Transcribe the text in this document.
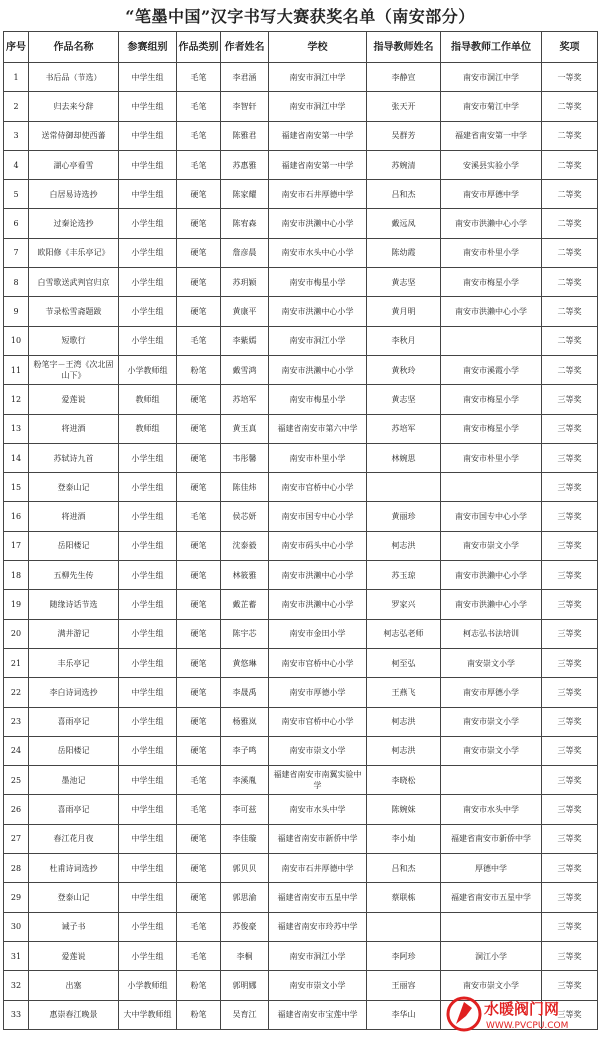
“笔墨中国”汉字书写大赛获奖名单（南安部分）
序号	作品名称	参赛组别	作品类别	作者姓名	学校	指导教师姓名	指导教师工作单位	奖项
1	书后品（节选）	中学生组	毛笔	李君涵	南安市洞江中学	李静宣	南安市洞江中学	一等奖
2	归去来兮辞	中学生组	毛笔	李智轩	南安市洞江中学	张天开	南安市菊江中学	二等奖
3	送常侍御却使西蕃	中学生组	毛笔	陈雅君	福建省南安第一中学	吴群芳	福建省南安第一中学	二等奖
4	湖心亭看雪	中学生组	毛笔	苏惠雅	福建省南安第一中学	苏婉清	安溪县实验小学	二等奖
5	白居易诗选抄	中学生组	硬笔	陈家耀	南安市石井厚德中学	吕和杰	南安市厚德中学	二等奖
6	过秦论选抄	小学生组	硬笔	陈宥森	南安市洪濑中心小学	戴远凤	南安市洪濑中心小学	二等奖
7	欧阳修《丰乐亭记》	小学生组	硬笔	詹彦晨	南安市水头中心小学	陈幼霞	南安市朴里小学	二等奖
8	白雪歌送武判官归京	小学生组	硬笔	苏玥颖	南安市梅星小学	黄志坚	南安市梅星小学	二等奖
9	节录松雪斋题跋	小学生组	硬笔	黄康平	南安市洪濑中心小学	黄月明	南安市洪濑中心小学	二等奖
10	短歌行	小学生组	毛笔	李紫嫣	南安市洞江小学	李秋月		二等奖
11	粉笔字－王湾《次北固山下》	小学教师组	粉笔	戴雪鸿	南安市洪濑中心小学	黄秋玲	南安市溪霞小学	二等奖
12	爱莲说	教师组	硬笔	苏培军	南安市梅星小学	黄志坚	南安市梅星小学	三等奖
13	将进酒	教师组	硬笔	黄玉真	福建省南安市第六中学	苏培军	南安市梅星小学	三等奖
14	苏轼诗九首	小学生组	硬笔	韦彤馨	南安市朴里小学	林婉思	南安市朴里小学	三等奖
15	登泰山记	小学生组	硬笔	陈佳炜	南安市官桥中心小学			三等奖
16	将进酒	小学生组	毛笔	侯芯妍	南安市国专中心小学	黄丽珍	南安市国专中心小学	三等奖
17	岳阳楼记	小学生组	硬笔	沈泰毅	南安市码头中心小学	柯志洪	南安市崇文小学	三等奖
18	五柳先生传	小学生组	硬笔	林筱雅	南安市洪濑中心小学	苏玉琼	南安市洪濑中心小学	三等奖
19	随缘诗话节选	小学生组	硬笔	戴芷蓄	南安市洪濑中心小学	罗家兴	南安市洪濑中心小学	三等奖
20	满井游记	小学生组	硬笔	陈宇芯	南安市金田小学	柯志弘老师	柯志弘书法培训	三等奖
21	丰乐亭记	小学生组	硬笔	黄悠琳	南安市官桥中心小学	柯至弘	南安崇文小学	三等奖
22	李白诗词选抄	中学生组	硬笔	李晟禹	南安市厚德小学	王燕飞	南安市厚德小学	三等奖
23	喜雨亭记	小学生组	硬笔	杨雅岚	南安市官桥中心小学	柯志洪	南安市崇文小学	三等奖
24	岳阳楼记	小学生组	硬笔	李子鸣	南安市崇文小学	柯志洪	南安市崇文小学	三等奖
25	墨池记	中学生组	毛笔	李溪胤	福建省南安市南翼实验中学	李晓松		三等奖
26	喜雨亭记	中学生组	毛笔	李可兹	南安市水头中学	陈婉妹	南安市水头中学	三等奖
27	春江花月夜	中学生组	硬笔	李佳璇	福建省南安市新侨中学	李小灿	福建省南安市新侨中学	三等奖
28	杜甫诗词选抄	中学生组	硬笔	郭贝贝	南安市石井厚德中学	吕和杰	厚德中学	三等奖
29	登泰山记	中学生组	硬笔	郭思渝	福建省南安市五星中学	蔡联栋	福建省南安市五星中学	三等奖
30	诫子书	小学生组	毛笔	苏俊豪	福建省南安市玲苏中学			三等奖
31	爱莲说	小学生组	毛笔	李桐	南安市洞江小学	李阿珍	洞江小学	三等奖
32	出塞	小学教师组	粉笔	郭明娜	南安市崇文小学	王丽容	南安市崇文小学	三等奖
33	惠崇春江晚景	大中学教师组	粉笔	吴育江	福建省南安市宝莲中学	李华山		三等奖
水暖阀门网
WWW.PVCPU.COM
